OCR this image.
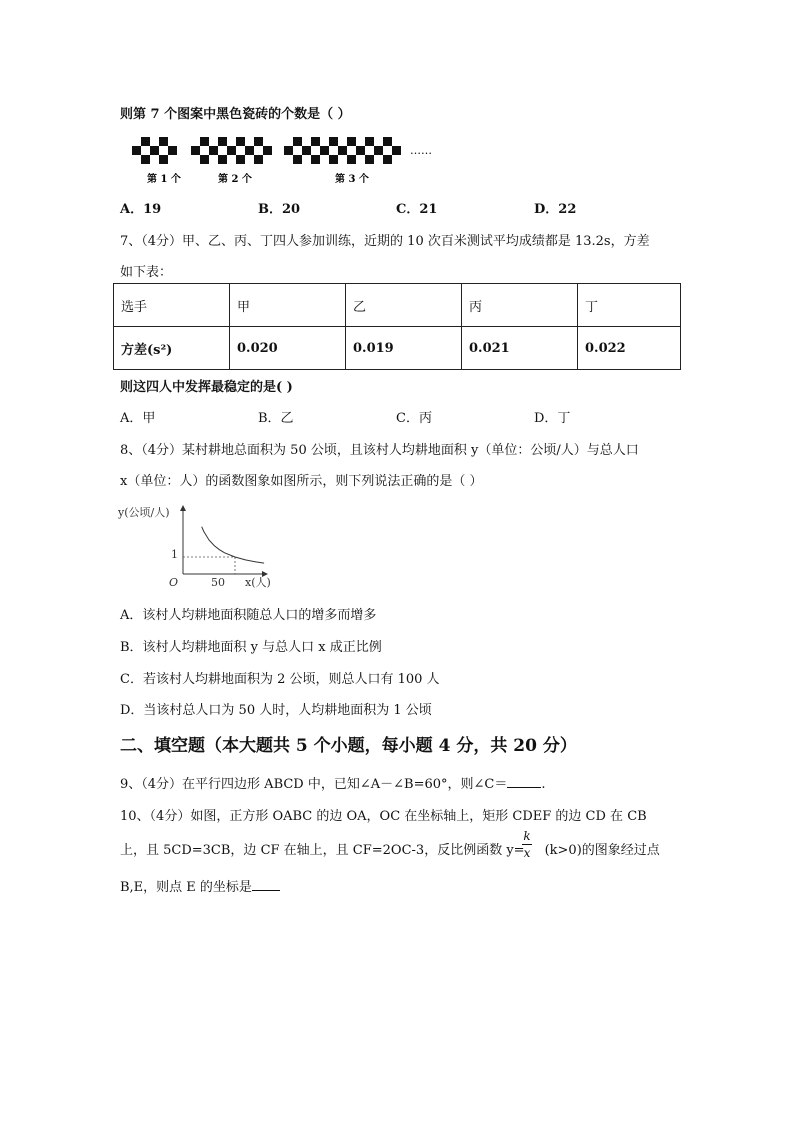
则第 7 个图案中黑色瓷砖的个数是（ ）
第 1 个	第 2 个	第 3 个
……
A．19	B．20	C．21	D．22
7、（4分）甲、乙、丙、丁四人参加训练，近期的 10 次百米测试平均成绩都是 13.2s，方差
如下表：
选手	甲	乙	丙	丁
方差(s²)	0.020	0.019	0.021	0.022
则这四人中发挥最稳定的是( )
A．甲	B．乙	C．丙	D．丁
8、（4分）某村耕地总面积为 50 公顷，且该村人均耕地面积 y（单位：公顷/人）与总人口
x（单位：人）的函数图象如图所示，则下列说法正确的是（ ）
y(公顷/人)
x(人)
O
1
50
A．该村人均耕地面积随总人口的增多而增多
B．该村人均耕地面积 y 与总人口 x 成正比例
C．若该村人均耕地面积为 2 公顷，则总人口有 100 人
D．当该村总人口为 50 人时，人均耕地面积为 1 公顷
二、填空题（本大题共 5 个小题，每小题 4 分，共 20 分）
9、（4分）在平行四边形 ABCD 中，已知∠A－∠B=60°，则∠C＝	.
10、（4分）如图，正方形 OABC 的边 OA，OC 在坐标轴上，矩形 CDEF 的边 CD 在 CB
上，且 5CD=3CB，边 CF 在轴上，且 CF=2OC-3，反比例函数 y= (k>0)的图象经过点
k
x
B,E，则点 E 的坐标是
